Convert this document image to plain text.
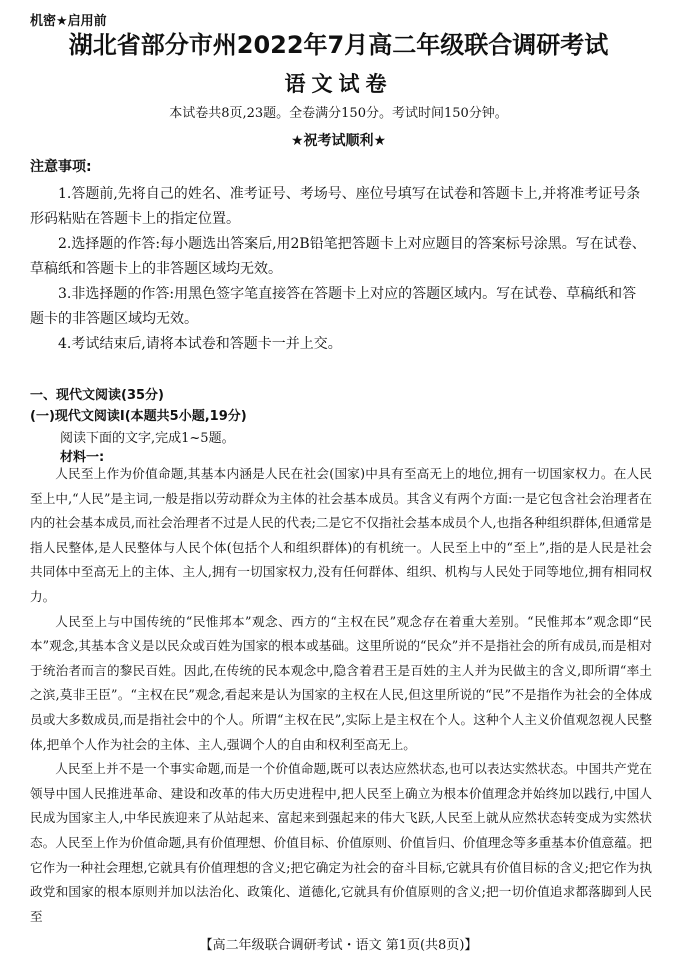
机密★启用前
湖北省部分市州2022年7月高二年级联合调研考试
语文试卷
本试卷共8页,23题。全卷满分150分。考试时间150分钟。
★祝考试顺利★
注意事项:

1.答题前,先将自己的姓名、准考证号、考场号、座位号填写在试卷和答题卡上,并将准考证号条形码粘贴在答题卡上的指定位置。

2.选择题的作答:每小题选出答案后,用2B铅笔把答题卡上对应题目的答案标号涂黑。写在试卷、草稿纸和答题卡上的非答题区域均无效。

3.非选择题的作答:用黑色签字笔直接答在答题卡上对应的答题区域内。写在试卷、草稿纸和答题卡的非答题区域均无效。

4.考试结束后,请将本试卷和答题卡一并上交。

一、现代文阅读(35分)
(一)现代文阅读Ⅰ(本题共5小题,19分)
阅读下面的文字,完成1~5题。
材料一:

人民至上作为价值命题,其基本内涵是人民在社会(国家)中具有至高无上的地位,拥有一切国家权力。在人民至上中,“人民”是主词,一般是指以劳动群众为主体的社会基本成员。其含义有两个方面:一是它包含社会治理者在内的社会基本成员,而社会治理者不过是人民的代表;二是它不仅指社会基本成员个人,也指各种组织群体,但通常是指人民整体,是人民整体与人民个体(包括个人和组织群体)的有机统一。人民至上中的“至上”,指的是人民是社会共同体中至高无上的主体、主人,拥有一切国家权力,没有任何群体、组织、机构与人民处于同等地位,拥有相同权力。

人民至上与中国传统的“民惟邦本”观念、西方的“主权在民”观念存在着重大差别。“民惟邦本”观念即“民本”观念,其基本含义是以民众或百姓为国家的根本或基础。这里所说的“民众”并不是指社会的所有成员,而是相对于统治者而言的黎民百姓。因此,在传统的民本观念中,隐含着君王是百姓的主人并为民做主的含义,即所谓“率土之滨,莫非王臣”。“主权在民”观念,看起来是认为国家的主权在人民,但这里所说的“民”不是指作为社会的全体成员或大多数成员,而是指社会中的个人。所谓“主权在民”,实际上是主权在个人。这种个人主义价值观忽视人民整体,把单个人作为社会的主体、主人,强调个人的自由和权利至高无上。

人民至上并不是一个事实命题,而是一个价值命题,既可以表达应然状态,也可以表达实然状态。中国共产党在领导中国人民推进革命、建设和改革的伟大历史进程中,把人民至上确立为根本价值理念并始终加以践行,中国人民成为国家主人,中华民族迎来了从站起来、富起来到强起来的伟大飞跃,人民至上就从应然状态转变成为实然状态。人民至上作为价值命题,具有价值理想、价值目标、价值原则、价值旨归、价值理念等多重基本价值意蕴。把它作为一种社会理想,它就具有价值理想的含义;把它确定为社会的奋斗目标,它就具有价值目标的含义;把它作为执政党和国家的根本原则并加以法治化、政策化、道德化,它就具有价值原则的含义;把一切价值追求都落脚到人民至

【高二年级联合调研考试・语文 第1页(共8页)】
